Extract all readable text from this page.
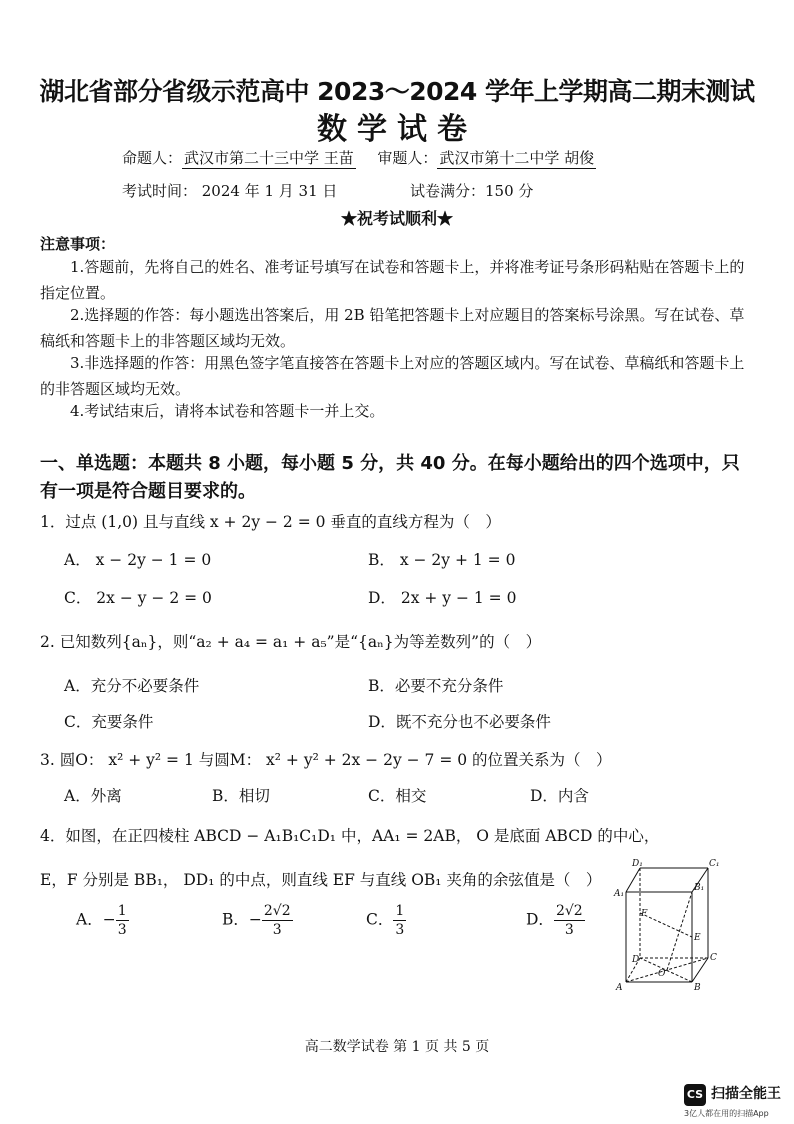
湖北省部分省级示范高中 2023～2024 学年上学期高二期末测试
数学试卷
命题人： 武汉市第二十三中学 王苗 审题人： 武汉市第十二中学 胡俊
考试时间： 2024 年 1 月 31 日	试卷满分：150 分
★祝考试顺利★
注意事项：
1.答题前，先将自己的姓名、准考证号填写在试卷和答题卡上，并将准考证号条形码粘贴在答题卡上的指定位置。
2.选择题的作答：每小题选出答案后，用 2B 铅笔把答题卡上对应题目的答案标号涂黑。写在试卷、草稿纸和答题卡上的非答题区域均无效。
3.非选择题的作答：用黑色签字笔直接答在答题卡上对应的答题区域内。写在试卷、草稿纸和答题卡上的非答题区域均无效。
4.考试结束后，请将本试卷和答题卡一并上交。
一、单选题：本题共 8 小题，每小题 5 分，共 40 分。在每小题给出的四个选项中，只有一项是符合题目要求的。
1．过点 (1,0) 且与直线 x + 2y − 2 = 0 垂直的直线方程为（　）
A． x − 2y − 1 = 0	B． x − 2y + 1 = 0
C． 2x − y − 2 = 0	D． 2x + y − 1 = 0
2. 已知数列{aₙ}，则“a₂ + a₄ = a₁ + a₅”是“{aₙ}为等差数列”的（　）
A．充分不必要条件	B．必要不充分条件
C．充要条件	D．既不充分也不必要条件
3. 圆O： x² + y² = 1 与圆M： x² + y² + 2x − 2y − 7 = 0 的位置关系为（　）
A．外离	B．相切	C．相交	D．内含
4．如图，在正四棱柱 ABCD − A₁B₁C₁D₁ 中，AA₁ = 2AB， O 是底面 ABCD 的中心，
E，F 分别是 BB₁， DD₁ 的中点，则直线 EF 与直线 OB₁ 夹角的余弦值是（　）
A．− $\frac{1}{3}$	B．− $\frac{2√2}{3}$	C． $\frac{1}{3}$	D． $\frac{2√2}{3}$
D₁	C₁
A₁
B₁
F
E
D	C
O
A	B
高二数学试卷 第 1 页 共 5 页
CS 扫描全能王
3亿人都在用的扫描App
